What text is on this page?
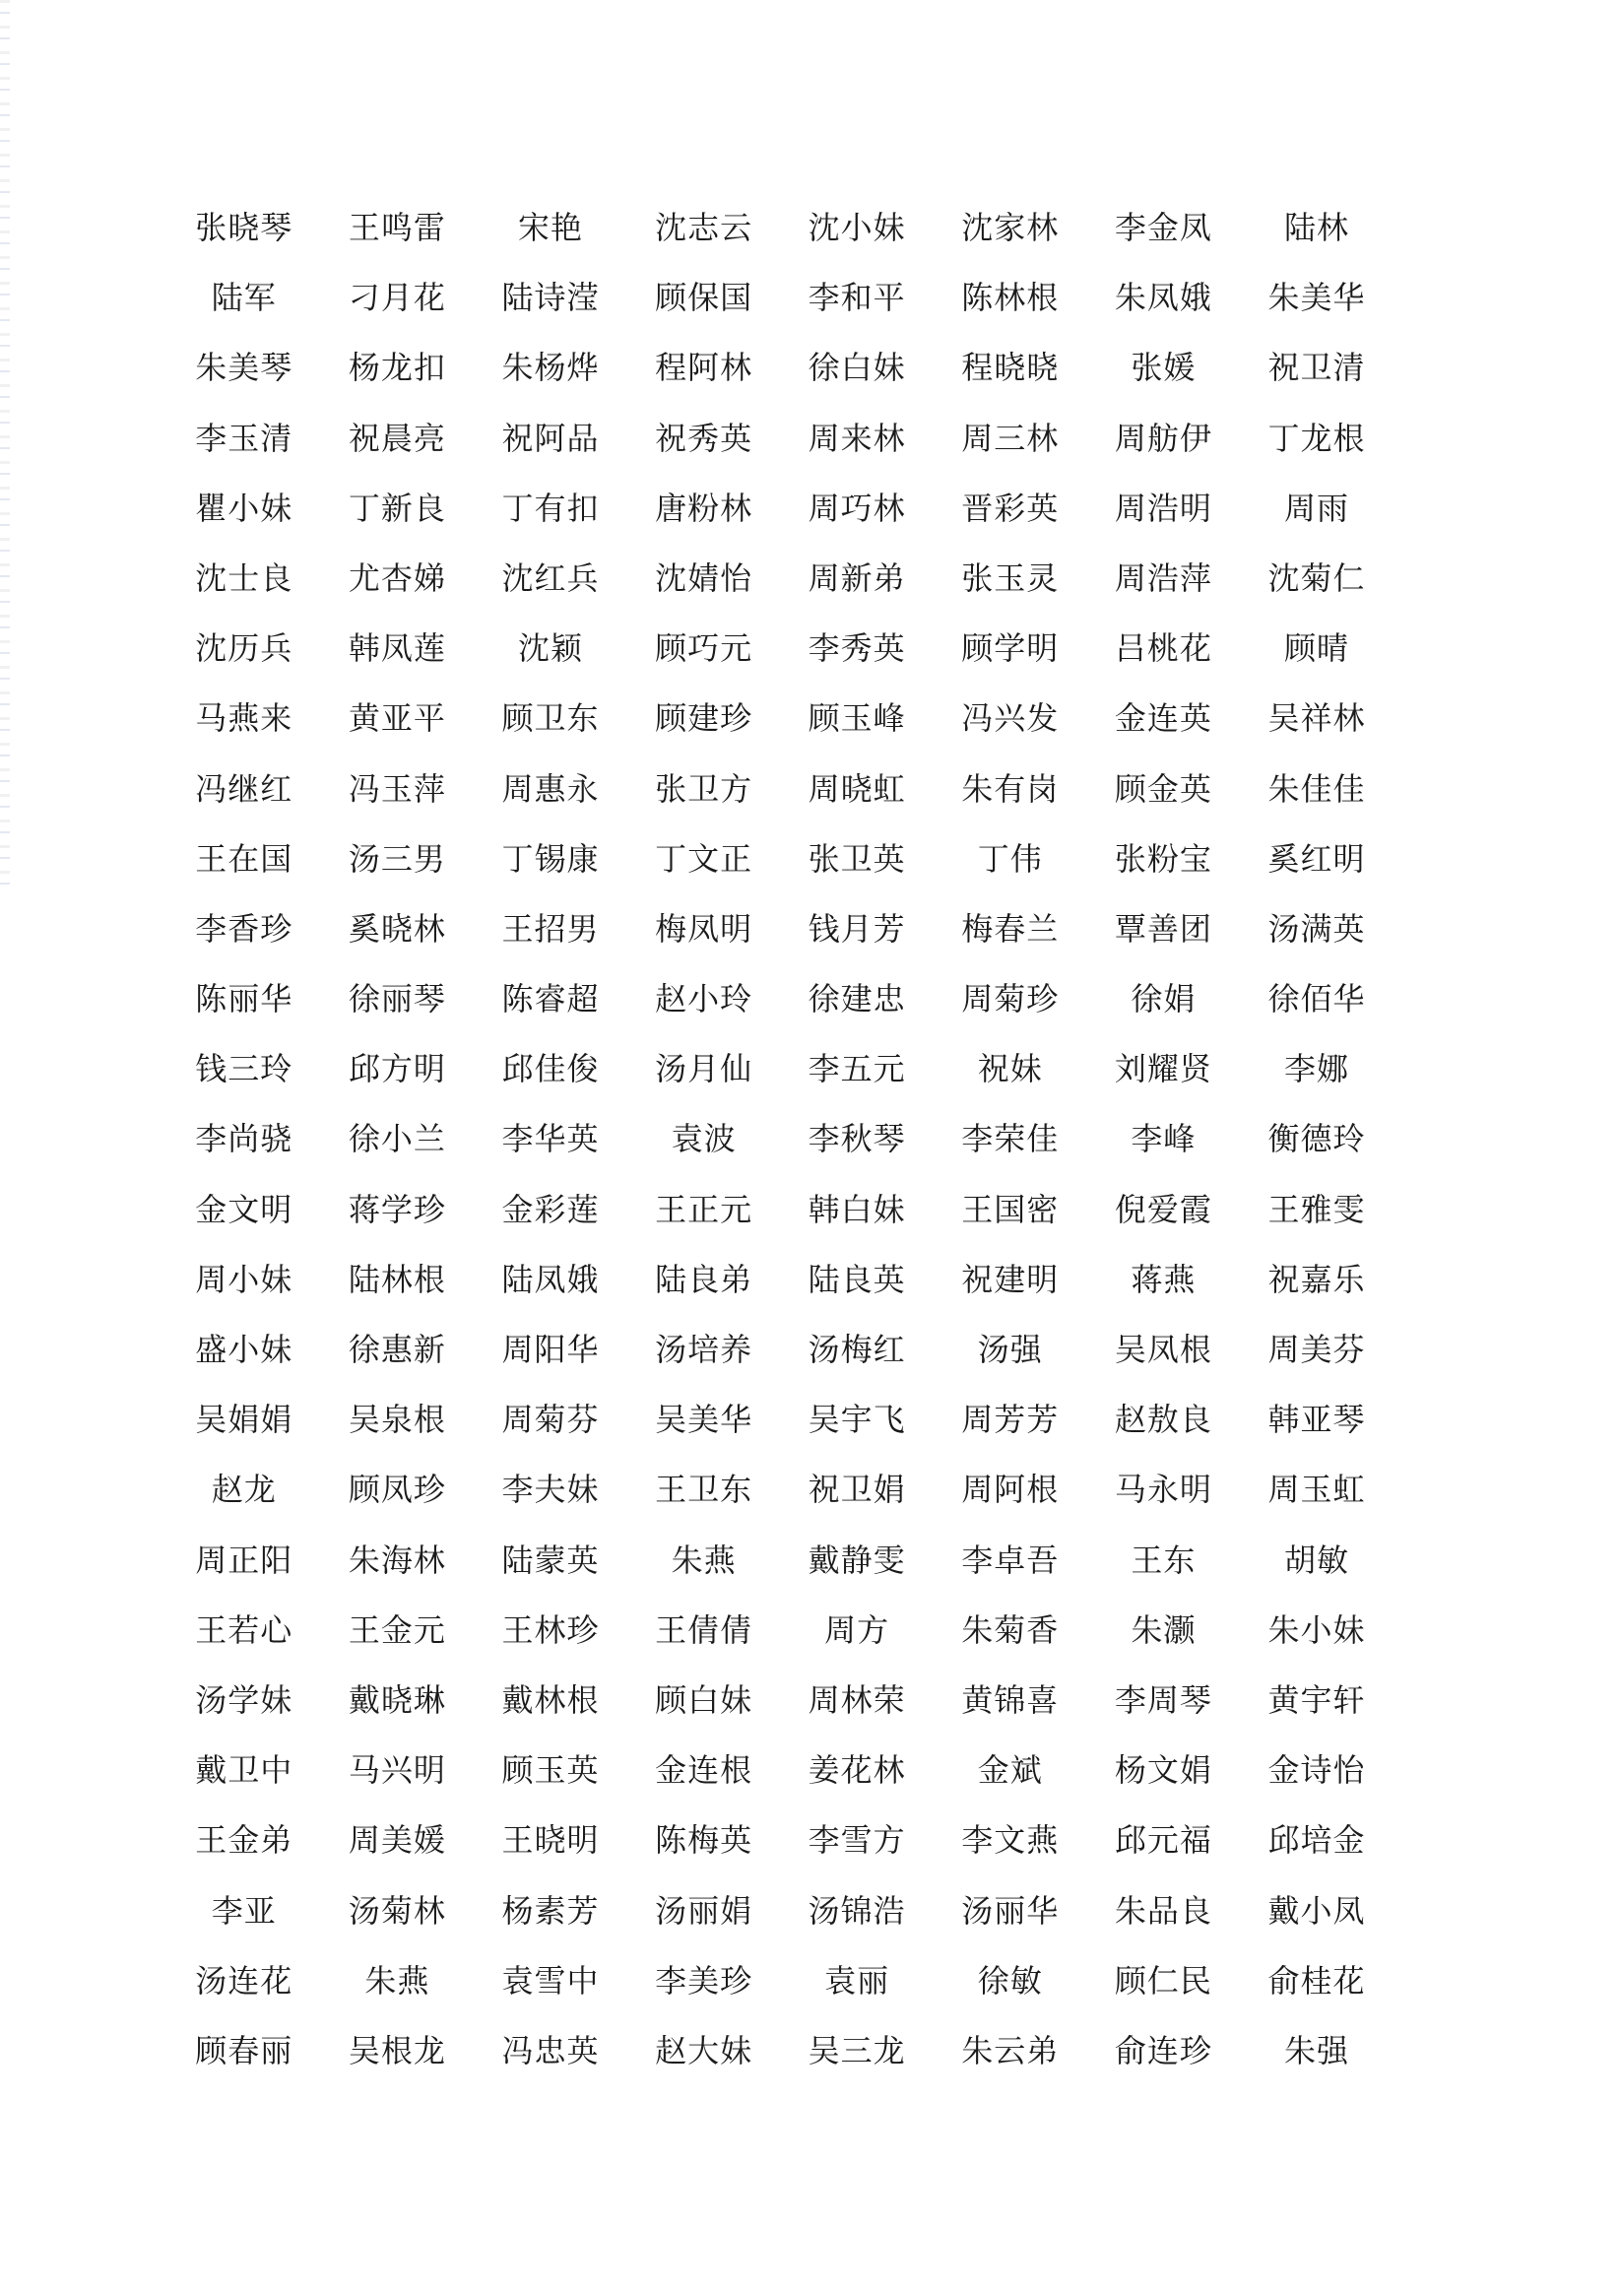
张晓琴	王鸣雷	宋艳	沈志云	沈小妹	沈家林	李金凤	陆林
陆军	刁月花	陆诗滢	顾保国	李和平	陈林根	朱凤娥	朱美华
朱美琴	杨龙扣	朱杨烨	程阿林	徐白妹	程晓晓	张媛	祝卫清
李玉清	祝晨亮	祝阿品	祝秀英	周来林	周三林	周舫伊	丁龙根
瞿小妹	丁新良	丁有扣	唐粉林	周巧林	晋彩英	周浩明	周雨
沈士良	尤杏娣	沈红兵	沈婧怡	周新弟	张玉灵	周浩萍	沈菊仁
沈历兵	韩凤莲	沈颖	顾巧元	李秀英	顾学明	吕桃花	顾晴
马燕来	黄亚平	顾卫东	顾建珍	顾玉峰	冯兴发	金连英	吴祥林
冯继红	冯玉萍	周惠永	张卫方	周晓虹	朱有岗	顾金英	朱佳佳
王在国	汤三男	丁锡康	丁文正	张卫英	丁伟	张粉宝	奚红明
李香珍	奚晓林	王招男	梅凤明	钱月芳	梅春兰	覃善团	汤满英
陈丽华	徐丽琴	陈睿超	赵小玲	徐建忠	周菊珍	徐娟	徐佰华
钱三玲	邱方明	邱佳俊	汤月仙	李五元	祝妹	刘耀贤	李娜
李尚骁	徐小兰	李华英	袁波	李秋琴	李荣佳	李峰	衡德玲
金文明	蒋学珍	金彩莲	王正元	韩白妹	王国密	倪爱霞	王雅雯
周小妹	陆林根	陆凤娥	陆良弟	陆良英	祝建明	蒋燕	祝嘉乐
盛小妹	徐惠新	周阳华	汤培养	汤梅红	汤强	吴凤根	周美芬
吴娟娟	吴泉根	周菊芬	吴美华	吴宇飞	周芳芳	赵敖良	韩亚琴
赵龙	顾凤珍	李夫妹	王卫东	祝卫娟	周阿根	马永明	周玉虹
周正阳	朱海林	陆蒙英	朱燕	戴静雯	李卓吾	王东	胡敏
王若心	王金元	王林珍	王倩倩	周方	朱菊香	朱灏	朱小妹
汤学妹	戴晓琳	戴林根	顾白妹	周林荣	黄锦喜	李周琴	黄宇轩
戴卫中	马兴明	顾玉英	金连根	姜花林	金斌	杨文娟	金诗怡
王金弟	周美媛	王晓明	陈梅英	李雪方	李文燕	邱元福	邱培金
李亚	汤菊林	杨素芳	汤丽娟	汤锦浩	汤丽华	朱品良	戴小凤
汤连花	朱燕	袁雪中	李美珍	袁丽	徐敏	顾仁民	俞桂花
顾春丽	吴根龙	冯忠英	赵大妹	吴三龙	朱云弟	俞连珍	朱强
